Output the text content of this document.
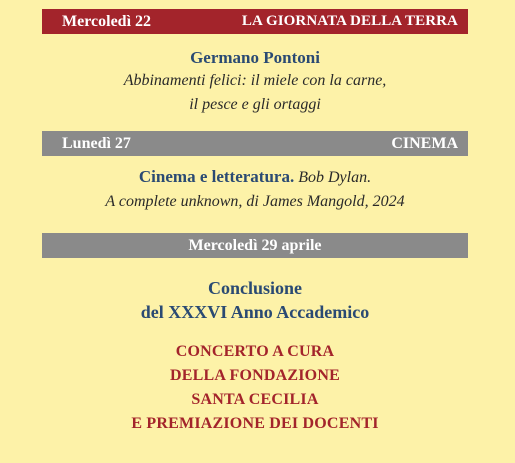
Mercoledì 22	LA GIORNATA DELLA TERRA
Germano Pontoni
Abbinamenti felici: il miele con la carne,
il pesce e gli ortaggi
Lunedì 27	CINEMA
Cinema e letteratura. Bob Dylan.
A complete unknown, di James Mangold, 2024
Mercoledì 29 aprile
Conclusione
del XXXVI Anno Accademico
CONCERTO A CURA
DELLA FONDAZIONE
SANTA CECILIA
E PREMIAZIONE DEI DOCENTI
